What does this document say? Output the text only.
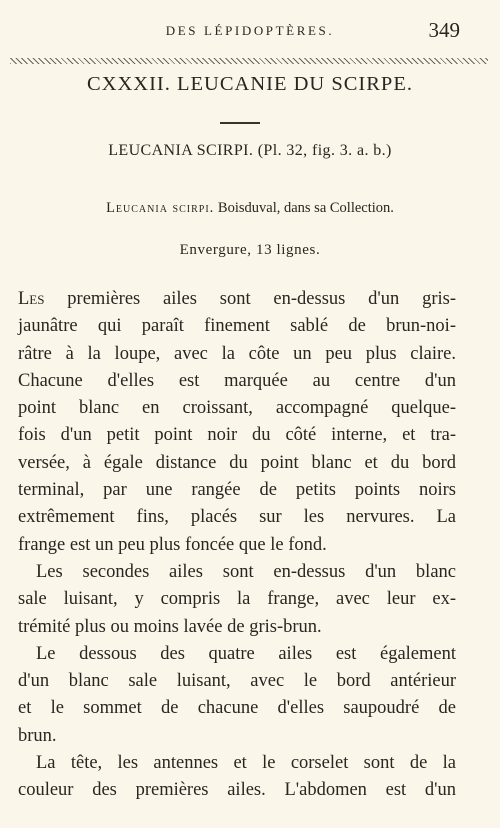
DES LÉPIDOPTÈRES.	349
CXXXII. LEUCANIE DU SCIRPE.
LEUCANIA SCIRPI. (Pl. 32, fig. 3. a. b.)
Leucania scirpi. Boisduval, dans sa Collection.
Envergure, 13 lignes.
Les premières ailes sont en-dessus d'un gris-
jaunâtre qui paraît finement sablé de brun-noi-
râtre à la loupe, avec la côte un peu plus claire.
Chacune d'elles est marquée au centre d'un
point blanc en croissant, accompagné quelque-
fois d'un petit point noir du côté interne, et tra-
versée, à égale distance du point blanc et du bord
terminal, par une rangée de petits points noirs
extrêmement fins, placés sur les nervures. La
frange est un peu plus foncée que le fond.
Les secondes ailes sont en-dessus d'un blanc
sale luisant, y compris la frange, avec leur ex-
trémité plus ou moins lavée de gris-brun.
Le dessous des quatre ailes est également
d'un blanc sale luisant, avec le bord antérieur
et le sommet de chacune d'elles saupoudré de
brun.
La tête, les antennes et le corselet sont de la
couleur des premières ailes. L'abdomen est d'un
